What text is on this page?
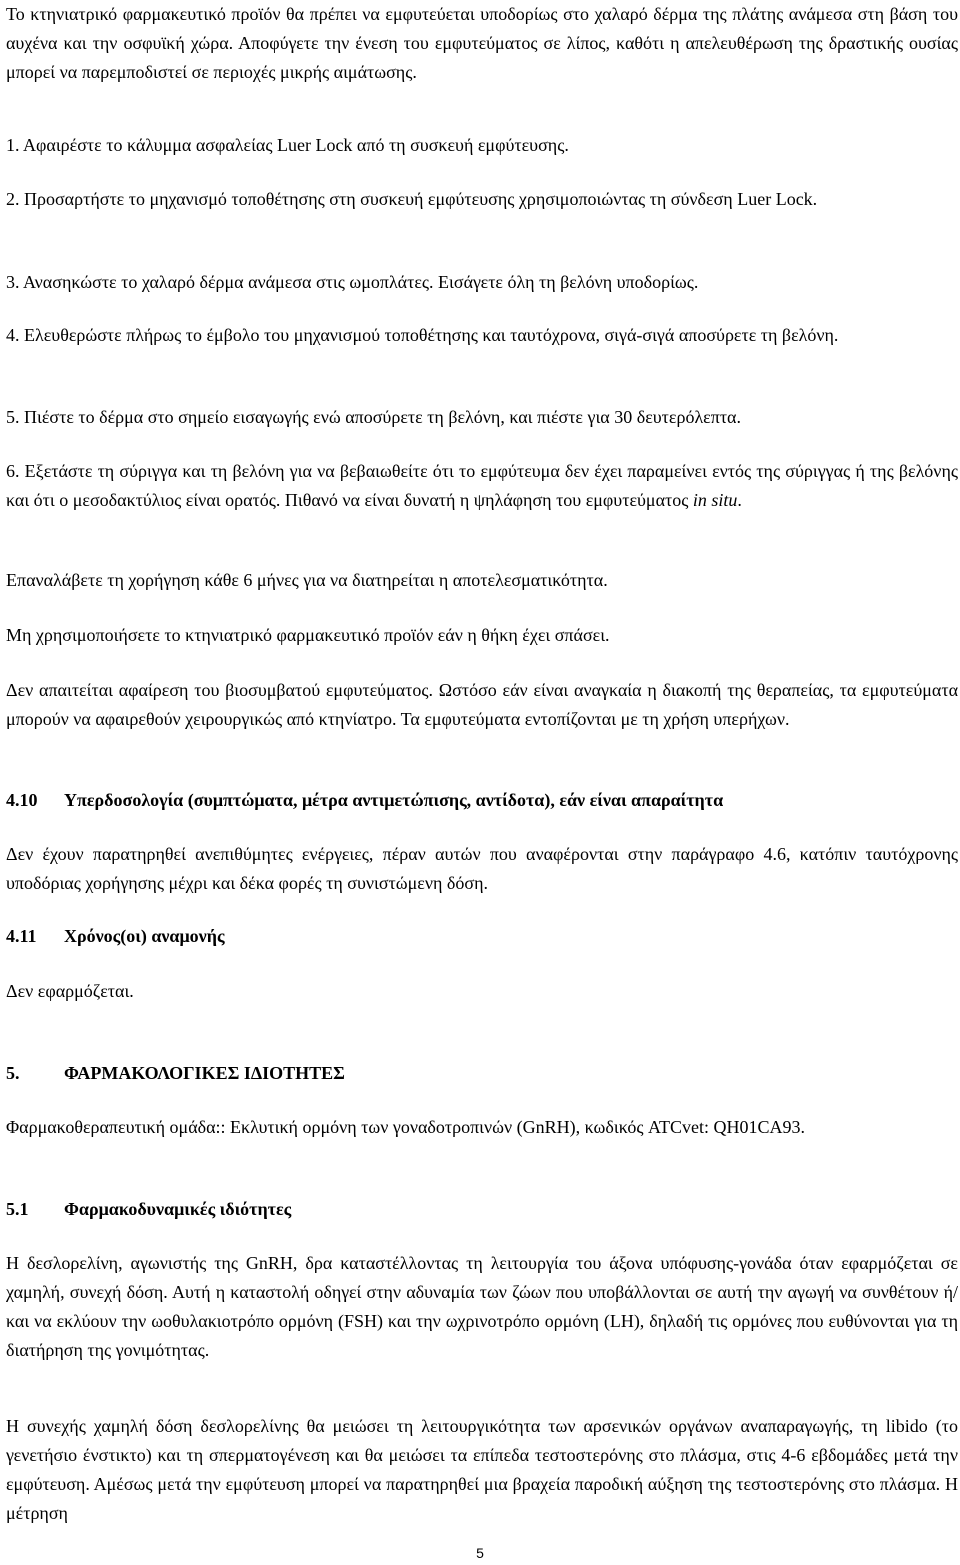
Το κτηνιατρικό φαρμακευτικό προϊόν θα πρέπει να εμφυτεύεται υποδορίως στο χαλαρό δέρμα της πλάτης ανάμεσα στη βάση του αυχένα και την οσφυϊκή χώρα. Αποφύγετε την ένεση του εμφυτεύματος σε λίπος, καθότι η απελευθέρωση της δραστικής ουσίας μπορεί να παρεμποδιστεί σε περιοχές μικρής αιμάτωσης.

1. Αφαιρέστε το κάλυμμα ασφαλείας Luer Lock από τη συσκευή εμφύτευσης.

2. Προσαρτήστε το μηχανισμό τοποθέτησης στη συσκευή εμφύτευσης χρησιμοποιώντας τη σύνδεση Luer Lock.

3. Ανασηκώστε το χαλαρό δέρμα ανάμεσα στις ωμοπλάτες. Εισάγετε όλη τη βελόνη υποδορίως.

4. Ελευθερώστε πλήρως το έμβολο του μηχανισμού τοποθέτησης και ταυτόχρονα, σιγά-σιγά αποσύρετε τη βελόνη.

5. Πιέστε το δέρμα στο σημείο εισαγωγής ενώ αποσύρετε τη βελόνη, και πιέστε για 30 δευτερόλεπτα.

6. Εξετάστε τη σύριγγα και τη βελόνη για να βεβαιωθείτε ότι το εμφύτευμα δεν έχει παραμείνει εντός της σύριγγας ή της βελόνης και ότι ο μεσοδακτύλιος είναι ορατός. Πιθανό να είναι δυνατή η ψηλάφηση του εμφυτεύματος in situ.

Επαναλάβετε τη χορήγηση κάθε 6 μήνες για να διατηρείται η αποτελεσματικότητα.

Μη χρησιμοποιήσετε το κτηνιατρικό φαρμακευτικό προϊόν εάν η θήκη έχει σπάσει.

Δεν απαιτείται αφαίρεση του βιοσυμβατού εμφυτεύματος. Ωστόσο εάν είναι αναγκαία η διακοπή της θεραπείας, τα εμφυτεύματα μπορούν να αφαιρεθούν χειρουργικώς από κτηνίατρο. Τα εμφυτεύματα εντοπίζονται με τη χρήση υπερήχων.

4.10 Υπερδοσολογία (συμπτώματα, μέτρα αντιμετώπισης, αντίδοτα), εάν είναι απαραίτητα

Δεν έχουν παρατηρηθεί ανεπιθύμητες ενέργειες, πέραν αυτών που αναφέρονται στην παράγραφο 4.6, κατόπιν ταυτόχρονης υποδόριας χορήγησης μέχρι και δέκα φορές τη συνιστώμενη δόση.

4.11 Χρόνος(οι) αναμονής

Δεν εφαρμόζεται.

5. ΦΑΡΜΑΚΟΛΟΓΙΚΕΣ ΙΔΙΟΤΗΤΕΣ

Φαρμακοθεραπευτική ομάδα:: Εκλυτική ορμόνη των γοναδοτροπινών (GnRH), κωδικός ATCvet: QH01CA93.

5.1 Φαρμακοδυναμικές ιδιότητες

Η δεσλορελίνη, αγωνιστής της GnRH, δρα καταστέλλοντας τη λειτουργία του άξονα υπόφυσης-γονάδα όταν εφαρμόζεται σε χαμηλή, συνεχή δόση. Αυτή η καταστολή οδηγεί στην αδυναμία των ζώων που υποβάλλονται σε αυτή την αγωγή να συνθέτουν ή/και να εκλύουν την ωοθυλακιοτρόπο ορμόνη (FSH) και την ωχρινοτρόπο ορμόνη (LH), δηλαδή τις ορμόνες που ευθύνονται για τη διατήρηση της γονιμότητας.

Η συνεχής χαμηλή δόση δεσλορελίνης θα μειώσει τη λειτουργικότητα των αρσενικών οργάνων αναπαραγωγής, τη libido (το γενετήσιο ένστικτο) και τη σπερματογένεση και θα μειώσει τα επίπεδα τεστοστερόνης στο πλάσμα, στις 4-6 εβδομάδες μετά την εμφύτευση. Αμέσως μετά την εμφύτευση μπορεί να παρατηρηθεί μια βραχεία παροδική αύξηση της τεστοστερόνης στο πλάσμα. Η μέτρηση

5
